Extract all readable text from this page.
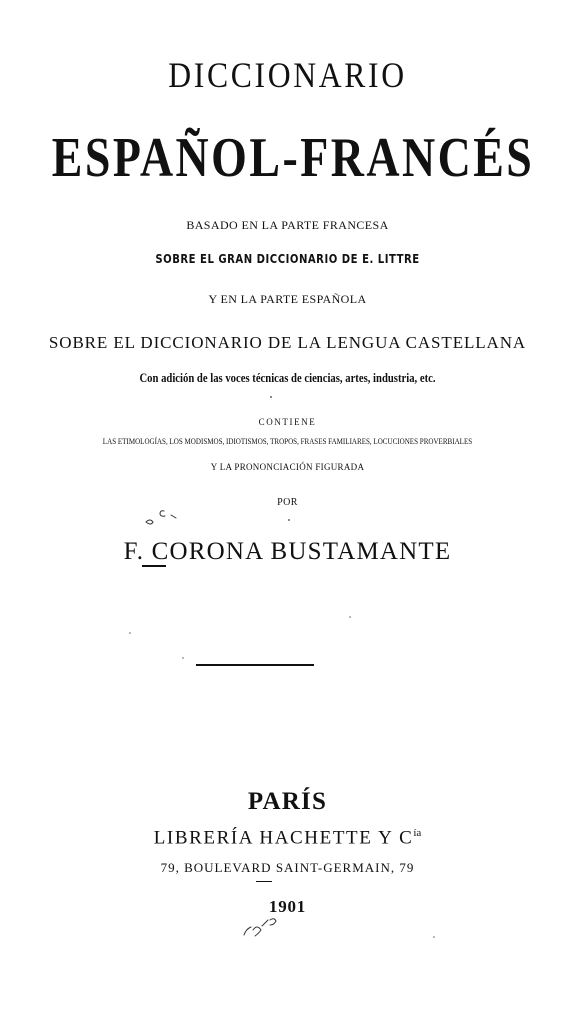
DICCIONARIO
ESPAÑOL-FRANCÉS
BASADO EN LA PARTE FRANCESA
SOBRE EL GRAN DICCIONARIO DE E. LITTRE
Y EN LA PARTE ESPAÑOLA
SOBRE EL DICCIONARIO DE LA LENGUA CASTELLANA
Con adición de las voces técnicas de ciencias, artes, industria, etc.
CONTIENE
LAS ETIMOLOGÍAS, LOS MODISMOS, IDIOTISMOS, TROPOS, FRASES FAMILIARES, LOCUCIONES PROVERBIALES
Y LA PRONONCIACIÓN FIGURADA
POR
F. CORONA BUSTAMANTE
PARÍS
LIBRERÍA HACHETTE Y $C^{ía}$
79, BOULEVARD SAINT-GERMAIN, 79
1901
